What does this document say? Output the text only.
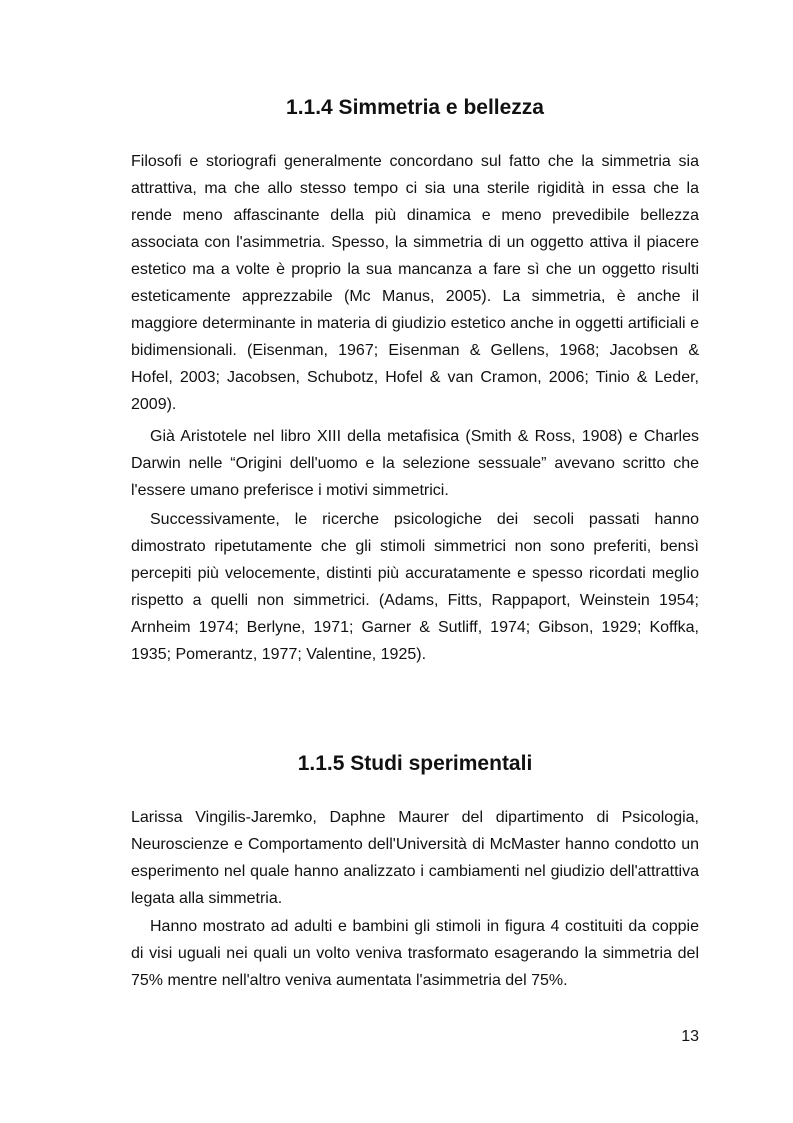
1.1.4 Simmetria e bellezza

Filosofi e storiografi generalmente concordano sul fatto che la simmetria sia attrattiva, ma che allo stesso tempo ci sia una sterile rigidità in essa che la rende meno affascinante della più dinamica e meno prevedibile bellezza associata con l'asimmetria. Spesso, la simmetria di un oggetto attiva il piacere estetico ma a volte è proprio la sua mancanza a fare sì che un oggetto risulti esteticamente apprezzabile (Mc Manus, 2005). La simmetria, è anche il maggiore determinante in materia di giudizio estetico anche in oggetti artificiali e bidimensionali. (Eisenman, 1967; Eisenman & Gellens, 1968; Jacobsen & Hofel, 2003; Jacobsen, Schubotz, Hofel & van Cramon, 2006; Tinio & Leder, 2009).

Già Aristotele nel libro XIII della metafisica (Smith & Ross, 1908) e Charles Darwin nelle “Origini dell'uomo e la selezione sessuale” avevano scritto che l'essere umano preferisce i motivi simmetrici.

Successivamente, le ricerche psicologiche dei secoli passati hanno dimostrato ripetutamente che gli stimoli simmetrici non sono preferiti, bensì percepiti più velocemente, distinti più accuratamente e spesso ricordati meglio rispetto a quelli non simmetrici. (Adams, Fitts, Rappaport, Weinstein 1954; Arnheim 1974; Berlyne, 1971; Garner & Sutliff, 1974; Gibson, 1929; Koffka, 1935; Pomerantz, 1977; Valentine, 1925).

1.1.5 Studi sperimentali

Larissa Vingilis-Jaremko, Daphne Maurer del dipartimento di Psicologia, Neuroscienze e Comportamento dell'Università di McMaster hanno condotto un esperimento nel quale hanno analizzato i cambiamenti nel giudizio dell'attrattiva legata alla simmetria.

Hanno mostrato ad adulti e bambini gli stimoli in figura 4 costituiti da coppie di visi uguali nei quali un volto veniva trasformato esagerando la simmetria del 75% mentre nell'altro veniva aumentata l'asimmetria del 75%.

13
